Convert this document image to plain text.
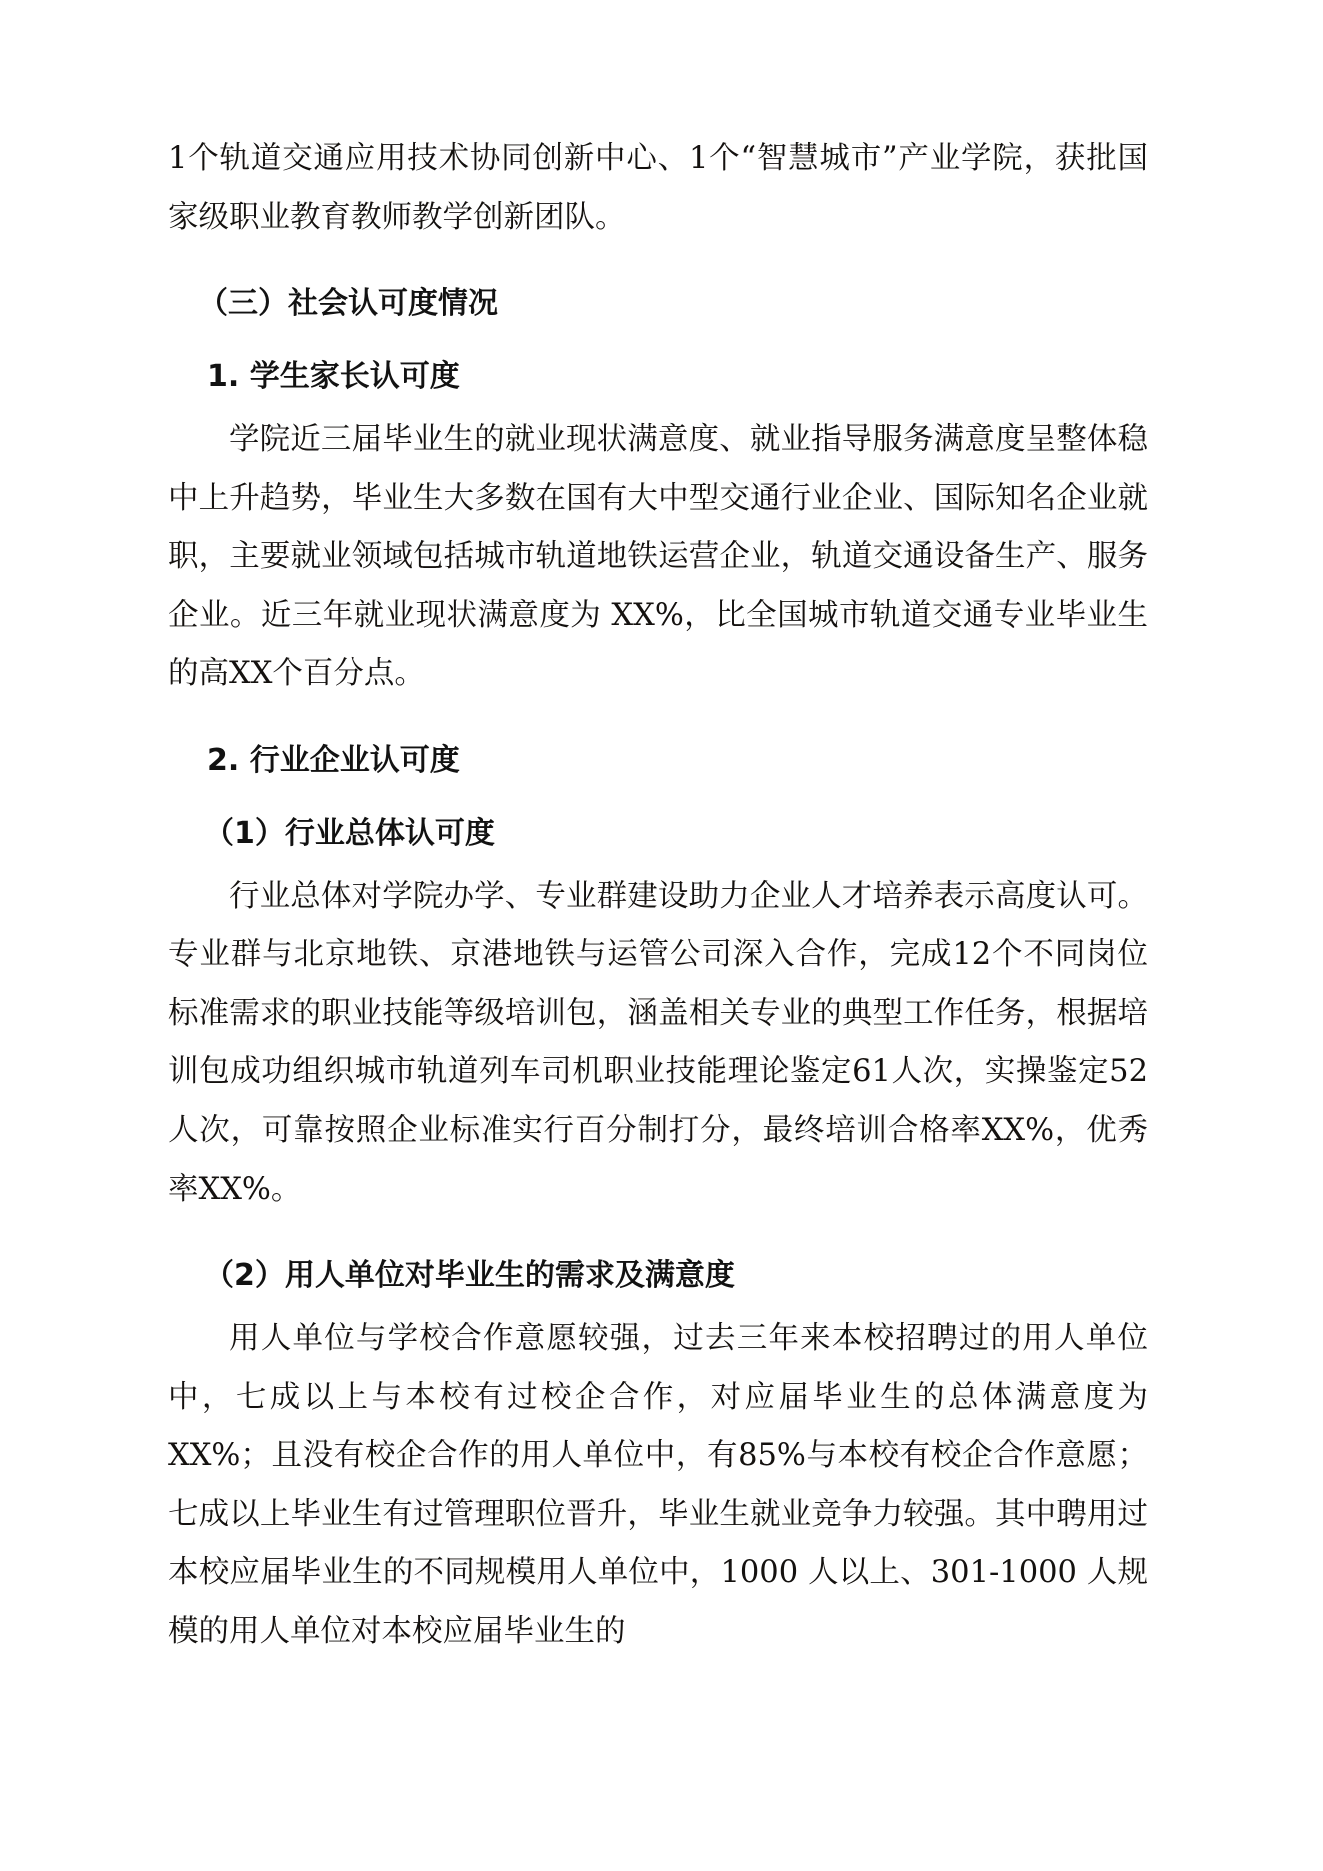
1个轨道交通应用技术协同创新中心、1个“智慧城市”产业学院，获批国家级职业教育教师教学创新团队。

（三）社会认可度情况

1. 学生家长认可度

学院近三届毕业生的就业现状满意度、就业指导服务满意度呈整体稳中上升趋势，毕业生大多数在国有大中型交通行业企业、国际知名企业就职，主要就业领域包括城市轨道地铁运营企业，轨道交通设备生产、服务企业。近三年就业现状满意度为 XX%，比全国城市轨道交通专业毕业生的高XX个百分点。

2. 行业企业认可度

（1）行业总体认可度

行业总体对学院办学、专业群建设助力企业人才培养表示高度认可。专业群与北京地铁、京港地铁与运管公司深入合作，完成12个不同岗位标准需求的职业技能等级培训包，涵盖相关专业的典型工作任务，根据培训包成功组织城市轨道列车司机职业技能理论鉴定61人次，实操鉴定52人次，可靠按照企业标准实行百分制打分，最终培训合格率XX%，优秀率XX%。

（2）用人单位对毕业生的需求及满意度

用人单位与学校合作意愿较强，过去三年来本校招聘过的用人单位中，七成以上与本校有过校企合作，对应届毕业生的总体满意度为 XX%；且没有校企合作的用人单位中，有85%与本校有校企合作意愿；七成以上毕业生有过管理职位晋升，毕业生就业竞争力较强。其中聘用过本校应届毕业生的不同规模用人单位中，1000 人以上、301-1000 人规模的用人单位对本校应届毕业生的
